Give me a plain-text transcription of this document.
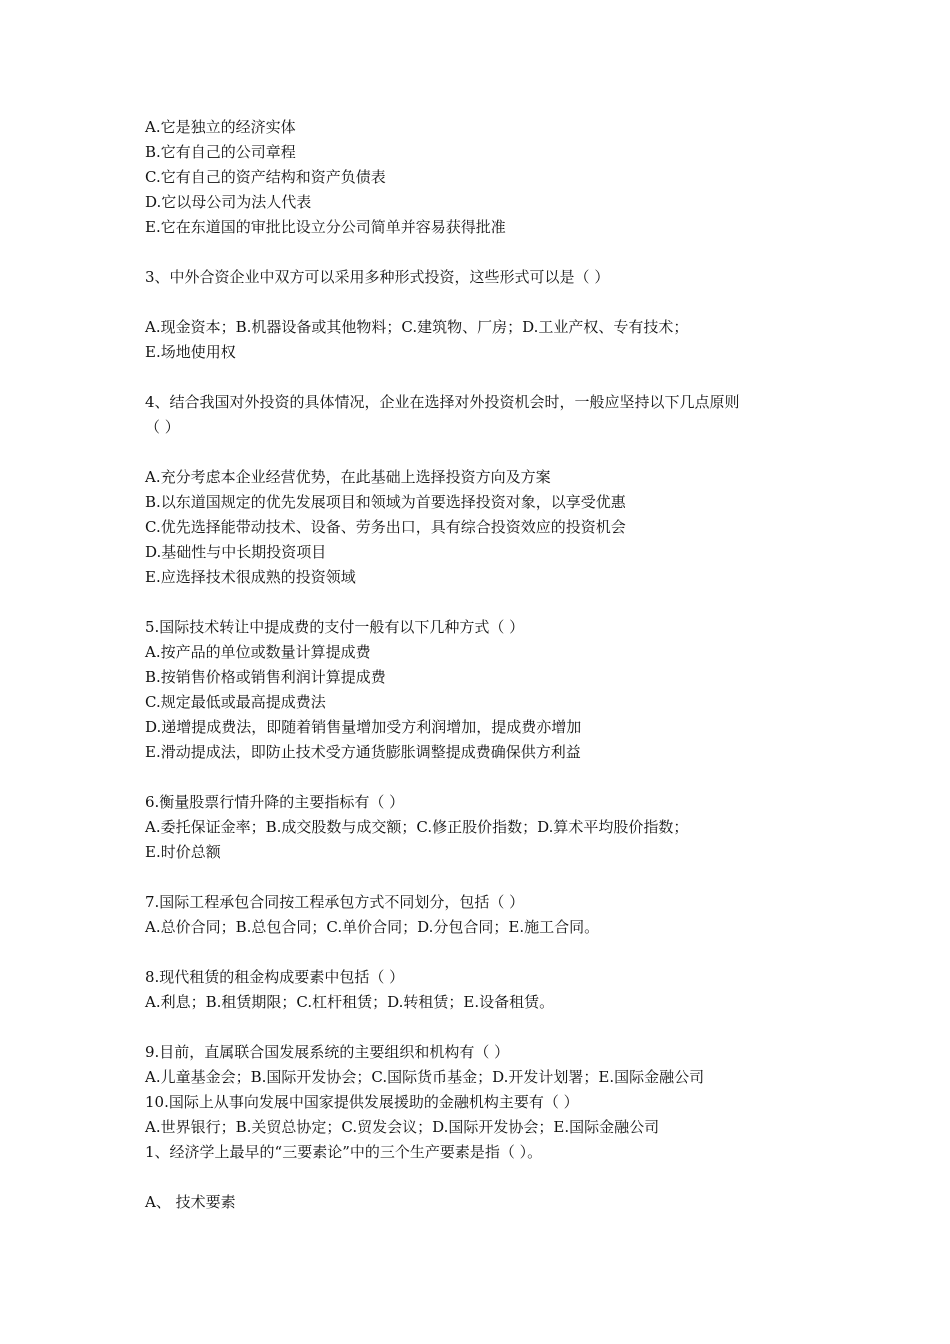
A.它是独立的经济实体
B.它有自己的公司章程
C.它有自己的资产结构和资产负债表
D.它以母公司为法人代表
E.它在东道国的审批比设立分公司简单并容易获得批准
3、中外合资企业中双方可以采用多种形式投资，这些形式可以是（ ）
A.现金资本；B.机器设备或其他物料；C.建筑物、厂房；D.工业产权、专有技术；
E.场地使用权
4、结合我国对外投资的具体情况，企业在选择对外投资机会时，一般应坚持以下几点原则
（ ）
A.充分考虑本企业经营优势，在此基础上选择投资方向及方案
B.以东道国规定的优先发展项目和领域为首要选择投资对象，以享受优惠
C.优先选择能带动技术、设备、劳务出口，具有综合投资效应的投资机会
D.基础性与中长期投资项目
E.应选择技术很成熟的投资领域
5.国际技术转让中提成费的支付一般有以下几种方式（ ）
A.按产品的单位或数量计算提成费
B.按销售价格或销售利润计算提成费
C.规定最低或最高提成费法
D.递增提成费法，即随着销售量增加受方利润增加，提成费亦增加
E.滑动提成法，即防止技术受方通货膨胀调整提成费确保供方利益
6.衡量股票行情升降的主要指标有（ ）
A.委托保证金率；B.成交股数与成交额；C.修正股价指数；D.算术平均股价指数；
E.时价总额
7.国际工程承包合同按工程承包方式不同划分，包括（ ）
A.总价合同；B.总包合同；C.单价合同；D.分包合同；E.施工合同。
8.现代租赁的租金构成要素中包括（ ）
A.利息；B.租赁期限；C.杠杆租赁；D.转租赁；E.设备租赁。
9.目前，直属联合国发展系统的主要组织和机构有（ ）
A.儿童基金会；B.国际开发协会；C.国际货币基金；D.开发计划署；E.国际金融公司
10.国际上从事向发展中国家提供发展援助的金融机构主要有（ ）
A.世界银行；B.关贸总协定；C.贸发会议；D.国际开发协会；E.国际金融公司
1、经济学上最早的“三要素论”中的三个生产要素是指（ ）。
A、 技术要素
